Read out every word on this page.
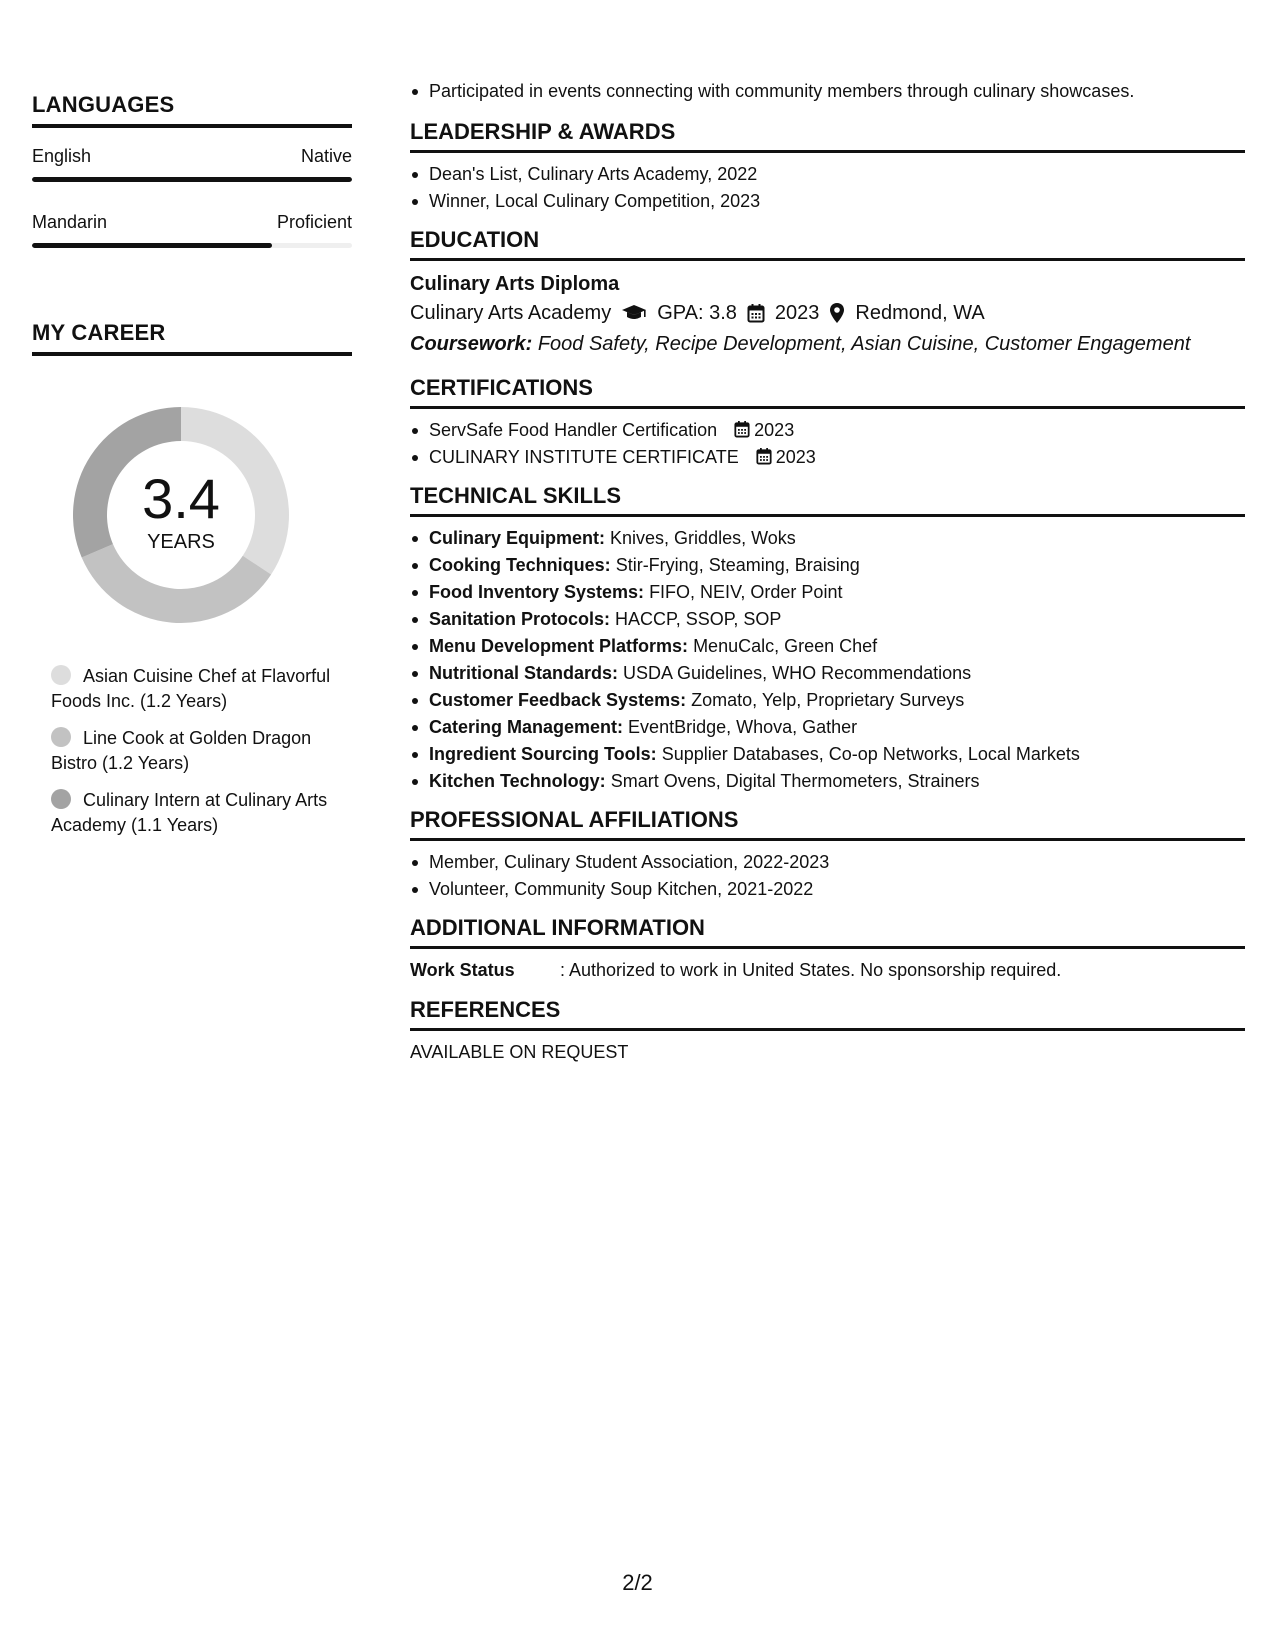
LANGUAGES
English	Native
Mandarin	Proficient
MY CAREER
3.4
YEARS
Asian Cuisine Chef at Flavorful Foods Inc. (1.2 Years)
Line Cook at Golden Dragon Bistro (1.2 Years)
Culinary Intern at Culinary Arts Academy (1.1 Years)
Participated in events connecting with community members through culinary showcases.
LEADERSHIP & AWARDS
Dean's List, Culinary Arts Academy, 2022
Winner, Local Culinary Competition, 2023
EDUCATION
Culinary Arts Diploma
Culinary Arts Academy GPA: 3.8 2023 Redmond, WA
Coursework: Food Safety, Recipe Development, Asian Cuisine, Customer Engagement
CERTIFICATIONS
ServSafe Food Handler Certification 2023
CULINARY INSTITUTE CERTIFICATE 2023
TECHNICAL SKILLS
Culinary Equipment: Knives, Griddles, Woks
Cooking Techniques: Stir-Frying, Steaming, Braising
Food Inventory Systems: FIFO, NEIV, Order Point
Sanitation Protocols: HACCP, SSOP, SOP
Menu Development Platforms: MenuCalc, Green Chef
Nutritional Standards: USDA Guidelines, WHO Recommendations
Customer Feedback Systems: Zomato, Yelp, Proprietary Surveys
Catering Management: EventBridge, Whova, Gather
Ingredient Sourcing Tools: Supplier Databases, Co-op Networks, Local Markets
Kitchen Technology: Smart Ovens, Digital Thermometers, Strainers
PROFESSIONAL AFFILIATIONS
Member, Culinary Student Association, 2022-2023
Volunteer, Community Soup Kitchen, 2021-2022
ADDITIONAL INFORMATION
Work Status	: Authorized to work in United States. No sponsorship required.
REFERENCES
AVAILABLE ON REQUEST
2/2
